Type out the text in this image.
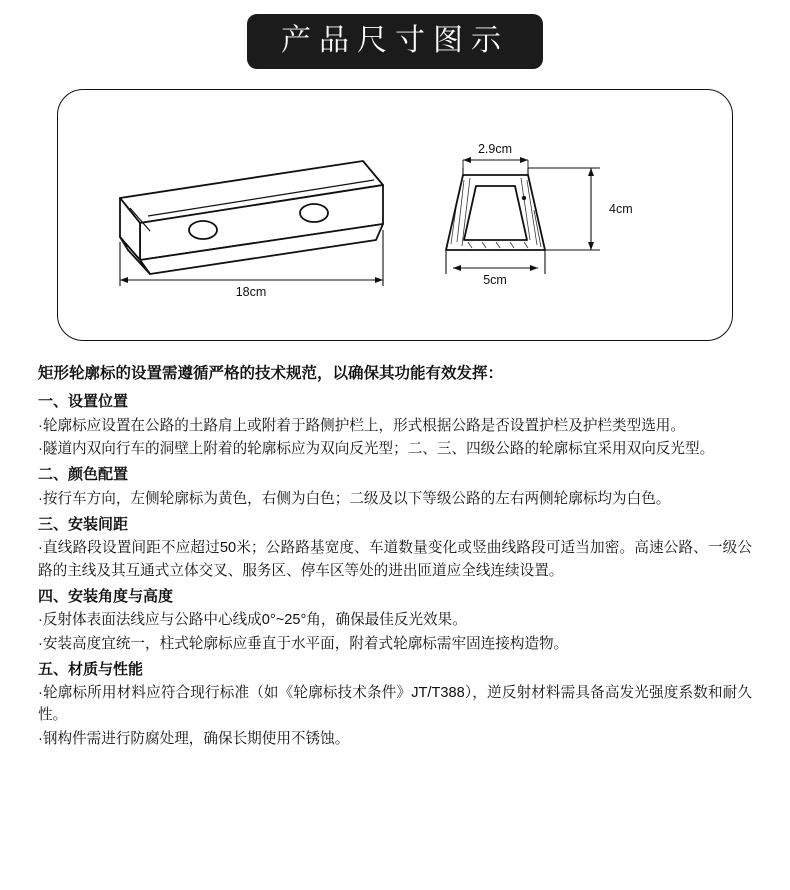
产品尺寸图示
18cm
2.9cm
5cm
4cm
矩形轮廓标的设置需遵循严格的技术规范，以确保其功能有效发挥：
一、设置位置

·轮廓标应设置在公路的土路肩上或附着于路侧护栏上，形式根据公路是否设置护栏及护栏类型选用。

·隧道内双向行车的洞壁上附着的轮廓标应为双向反光型；二、三、四级公路的轮廓标宜采用双向反光型。

二、颜色配置

·按行车方向，左侧轮廓标为黄色，右侧为白色；二级及以下等级公路的左右两侧轮廓标均为白色。

三、安装间距

·直线路段设置间距不应超过50米；公路路基宽度、车道数量变化或竖曲线路段可适当加密。高速公路、一级公路的主线及其互通式立体交叉、服务区、停车区等处的进出匝道应全线连续设置。

四、安装角度与高度

·反射体表面法线应与公路中心线成0°~25°角，确保最佳反光效果。

·安装高度宜统一，柱式轮廓标应垂直于水平面，附着式轮廓标需牢固连接构造物。

五、材质与性能

·轮廓标所用材料应符合现行标准（如《轮廓标技术条件》JT/T388），逆反射材料需具备高发光强度系数和耐久性。

·钢构件需进行防腐处理，确保长期使用不锈蚀。
